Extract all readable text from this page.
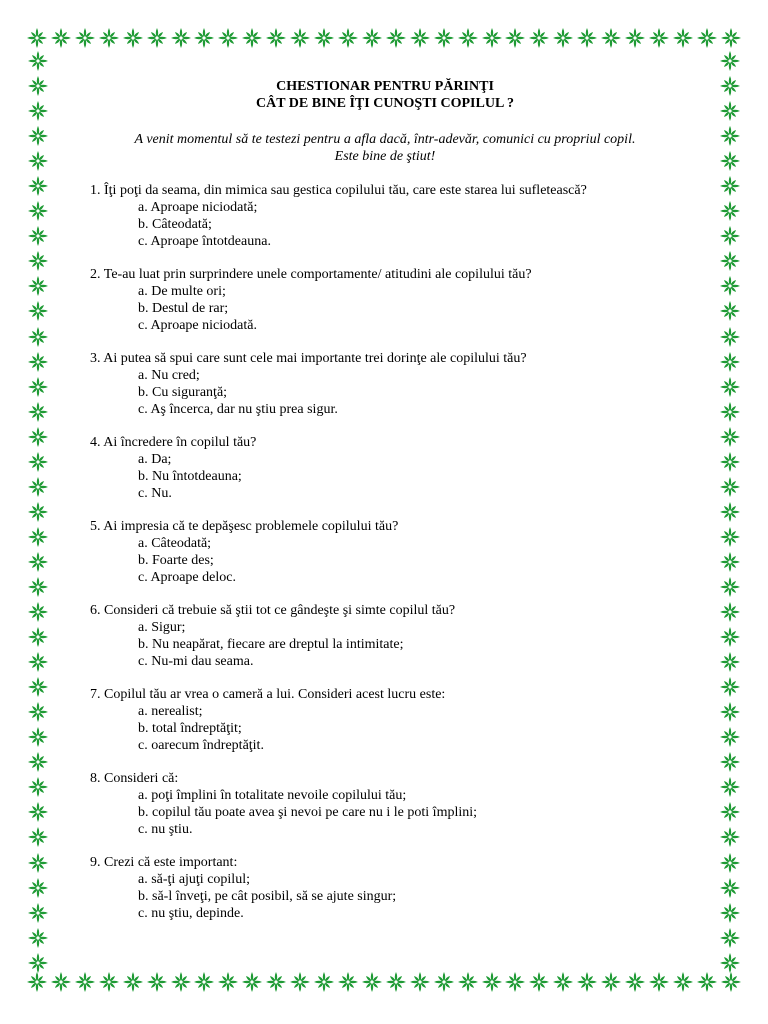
CHESTIONAR PENTRU PĂRINŢI
CÂT DE BINE ÎŢI CUNOŞTI COPILUL ?

A venit momentul să te testezi pentru a afla dacă, într-adevăr, comunici cu propriul copil.
Este bine de ştiut!

1. Îţi poţi da seama, din mimica sau gestica copilului tău, care este starea lui sufletească?

a. Aproape niciodată;
b. Câteodată;
c. Aproape întotdeauna.

2. Te-au luat prin surprindere unele comportamente/ atitudini ale copilului tău?

a. De multe ori;
b. Destul de rar;
c. Aproape niciodată.

3. Ai putea să spui care sunt cele mai importante trei dorinţe ale copilului tău?

a. Nu cred;
b. Cu siguranţă;
c. Aş încerca, dar nu ştiu prea sigur.

4. Ai încredere în copilul tău?

a. Da;
b. Nu întotdeauna;
c. Nu.

5. Ai impresia că te depăşesc problemele copilului tău?

a. Câteodată;
b. Foarte des;
c. Aproape deloc.

6. Consideri că trebuie să ştii tot ce gândeşte şi simte copilul tău?

a. Sigur;
b. Nu neapărat, fiecare are dreptul la intimitate;
c. Nu-mi dau seama.

7. Copilul tău ar vrea o cameră a lui. Consideri acest lucru este:

a. nerealist;
b. total îndreptăţit;
c. oarecum îndreptăţit.

8. Consideri că:

a. poţi împlini în totalitate nevoile copilului tău;
b. copilul tău poate avea şi nevoi pe care nu i le poti împlini;
c. nu ştiu.

9. Crezi că este important:

a. să-ţi ajuţi copilul;
b. să-l înveţi, pe cât posibil, să se ajute singur;
c. nu ştiu, depinde.
